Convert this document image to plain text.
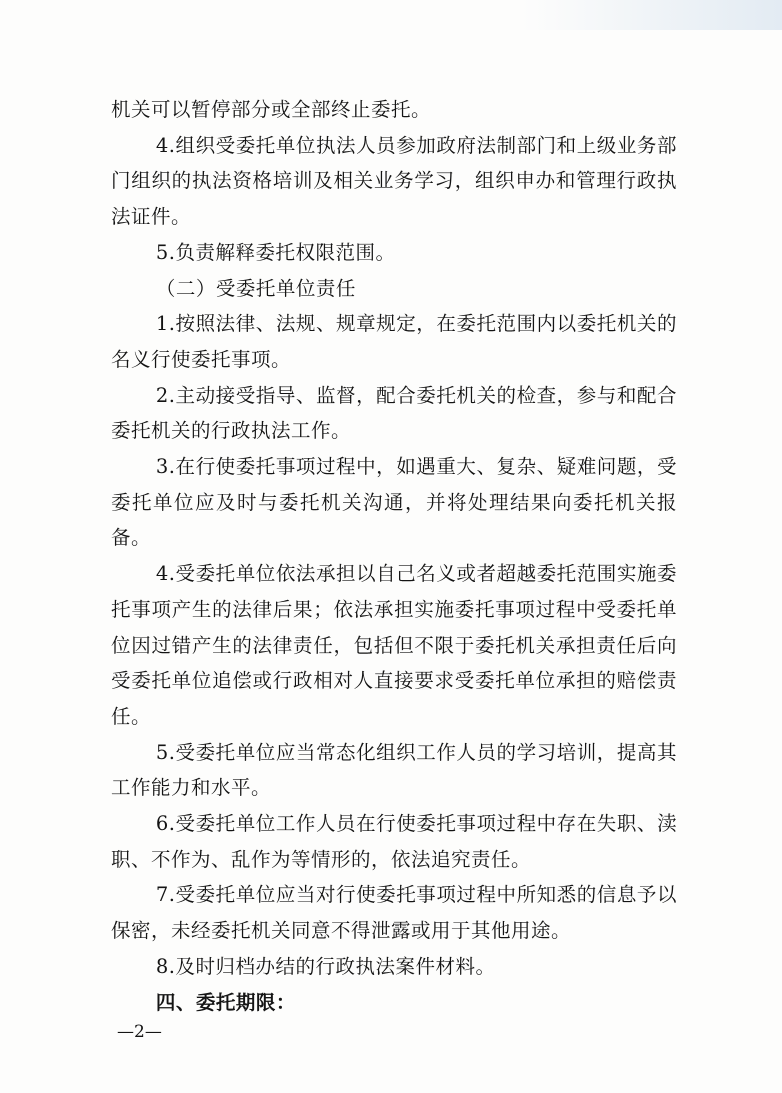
机关可以暂停部分或全部终止委托。

4.组织受委托单位执法人员参加政府法制部门和上级业务部门组织的执法资格培训及相关业务学习，组织申办和管理行政执法证件。

5.负责解释委托权限范围。

（二）受委托单位责任

1.按照法律、法规、规章规定，在委托范围内以委托机关的名义行使委托事项。

2.主动接受指导、监督，配合委托机关的检查，参与和配合委托机关的行政执法工作。

3.在行使委托事项过程中，如遇重大、复杂、疑难问题，受委托单位应及时与委托机关沟通，并将处理结果向委托机关报备。

4.受委托单位依法承担以自己名义或者超越委托范围实施委托事项产生的法律后果；依法承担实施委托事项过程中受委托单位因过错产生的法律责任，包括但不限于委托机关承担责任后向受委托单位追偿或行政相对人直接要求受委托单位承担的赔偿责任。

5.受委托单位应当常态化组织工作人员的学习培训，提高其工作能力和水平。

6.受委托单位工作人员在行使委托事项过程中存在失职、渎职、不作为、乱作为等情形的，依法追究责任。

7.受委托单位应当对行使委托事项过程中所知悉的信息予以保密，未经委托机关同意不得泄露或用于其他用途。

8.及时归档办结的行政执法案件材料。

四、委托期限：

—2—
